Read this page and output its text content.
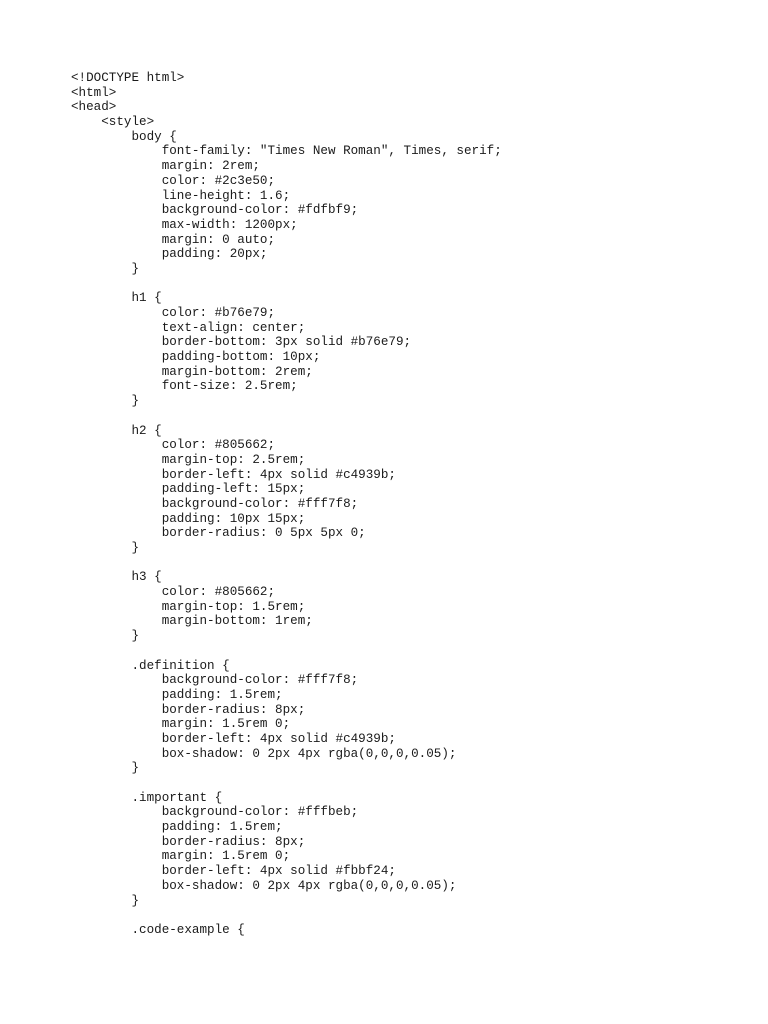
<!DOCTYPE html>
<html>
<head>
<style>
body {
font-family: "Times New Roman", Times, serif;
margin: 2rem;
color: #2c3e50;
line-height: 1.6;
background-color: #fdfbf9;
max-width: 1200px;
margin: 0 auto;
padding: 20px;
}
h1 {
color: #b76e79;
text-align: center;
border-bottom: 3px solid #b76e79;
padding-bottom: 10px;
margin-bottom: 2rem;
font-size: 2.5rem;
}
h2 {
color: #805662;
margin-top: 2.5rem;
border-left: 4px solid #c4939b;
padding-left: 15px;
background-color: #fff7f8;
padding: 10px 15px;
border-radius: 0 5px 5px 0;
}
h3 {
color: #805662;
margin-top: 1.5rem;
margin-bottom: 1rem;
}
.definition {
background-color: #fff7f8;
padding: 1.5rem;
border-radius: 8px;
margin: 1.5rem 0;
border-left: 4px solid #c4939b;
box-shadow: 0 2px 4px rgba(0,0,0,0.05);
}
.important {
background-color: #fffbeb;
padding: 1.5rem;
border-radius: 8px;
margin: 1.5rem 0;
border-left: 4px solid #fbbf24;
box-shadow: 0 2px 4px rgba(0,0,0,0.05);
}
.code-example {
